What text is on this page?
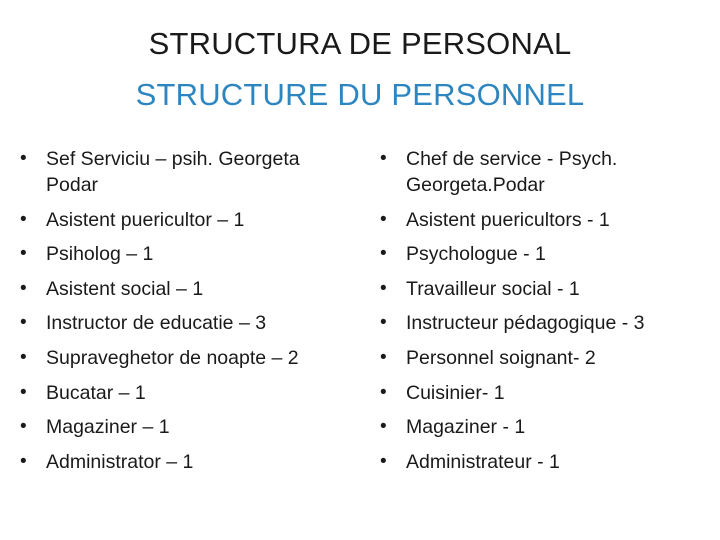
STRUCTURA DE PERSONAL
STRUCTURE DU PERSONNEL
• Sef Serviciu – psih. Georgeta Podar
• Asistent puericultor – 1
• Psiholog – 1
• Asistent social – 1
• Instructor de educatie – 3
• Supraveghetor de noapte – 2
• Bucatar – 1
• Magaziner – 1
• Administrator – 1
• Chef de service - Psych. Georgeta.Podar
• Asistent puericultors - 1
• Psychologue - 1
• Travailleur social - 1
• Instructeur pédagogique - 3
• Personnel soignant- 2
• Cuisinier- 1
• Magaziner - 1
• Administrateur - 1
